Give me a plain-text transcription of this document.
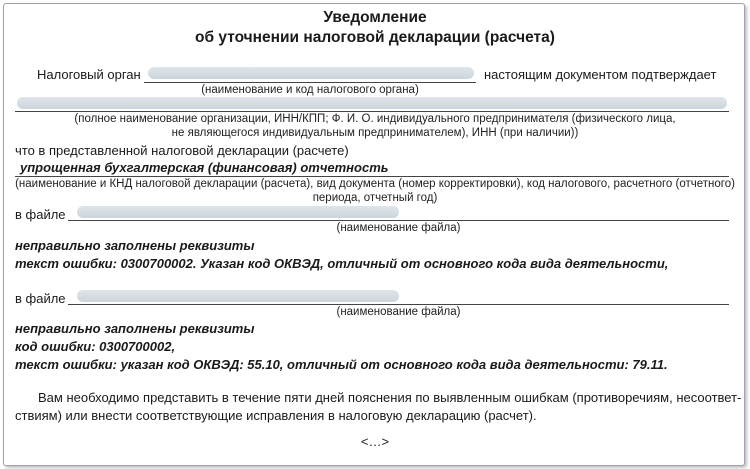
Уведомление
об уточнении налоговой декларации (расчета)
Налоговый орган	настоящим документом подтверждает
(наименование и код налогового органа)
(полное наименование организации, ИНН/КПП; Ф. И. О. индивидуального предпринимателя (физического лица,
не являющегося индивидуальным предпринимателем), ИНН (при наличии))
что в представленной налоговой декларации (расчете)
упрощенная бухгалтерская (финансовая) отчетность
(наименование и КНД налоговой декларации (расчета), вид документа (номер корректировки), код налогового, расчетного (отчетного)
периода, отчетный год)
в файле
(наименование файла)
неправильно заполнены реквизиты
текст ошибки: 0300700002. Указан код ОКВЭД, отличный от основного кода вида деятельности,
в файле
(наименование файла)
неправильно заполнены реквизиты
код ошибки: 0300700002,
текст ошибки: указан код ОКВЭД: 55.10, отличный от основного кода вида деятельности: 79.11.
Вам необходимо представить в течение пяти дней пояснения по выявленным ошибкам (противоречиям, несоответ-
ствиям) или внести соответствующие исправления в налоговую декларацию (расчет).
<…>
